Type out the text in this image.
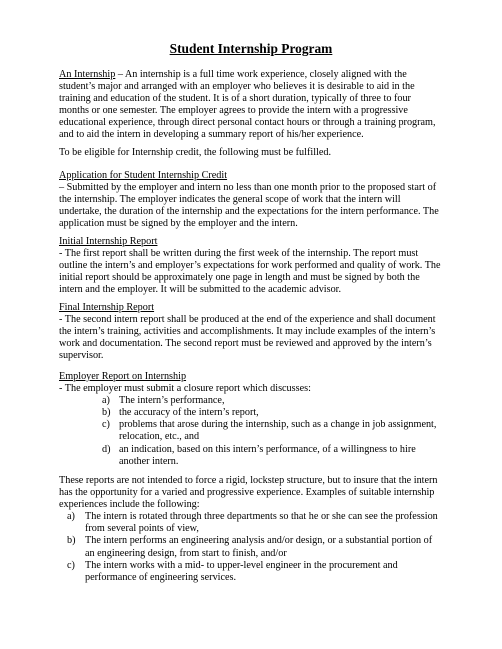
Student Internship Program

An Internship – An internship is a full time work experience, closely aligned with the student’s major and arranged with an employer who believes it is desirable to aid in the training and education of the student. It is of a short duration, typically of three to four months or one semester. The employer agrees to provide the intern with a progressive educational experience, through direct personal contact hours or through a training program, and to aid the intern in developing a summary report of his/her experience.

To be eligible for Internship credit, the following must be fulfilled.

Application for Student Internship Credit

– Submitted by the employer and intern no less than one month prior to the proposed start of the internship. The employer indicates the general scope of work that the intern will undertake, the duration of the internship and the expectations for the intern performance. The application must be signed by the employer and the intern.

Initial Internship Report

- The first report shall be written during the first week of the internship. The report must outline the intern’s and employer’s expectations for work performed and quality of work. The initial report should be approximately one page in length and must be signed by both the intern and the employer. It will be submitted to the academic advisor.

Final Internship Report

- The second intern report shall be produced at the end of the experience and shall document the intern’s training, activities and accomplishments. It may include examples of the intern’s work and documentation. The second report must be reviewed and approved by the intern’s supervisor.

Employer Report on Internship

- The employer must submit a closure report which discusses:

a) The intern’s performance,
b) the accuracy of the intern’s report,
c) problems that arose during the internship, such as a change in job assignment, relocation, etc., and
d) an indication, based on this intern’s performance, of a willingness to hire another intern.

These reports are not intended to force a rigid, lockstep structure, but to insure that the intern has the opportunity for a varied and progressive experience. Examples of suitable internship experiences include the following:

a) The intern is rotated through three departments so that he or she can see the profession from several points of view,
b) The intern performs an engineering analysis and/or design, or a substantial portion of an engineering design, from start to finish, and/or
c) The intern works with a mid- to upper-level engineer in the procurement and performance of engineering services.
